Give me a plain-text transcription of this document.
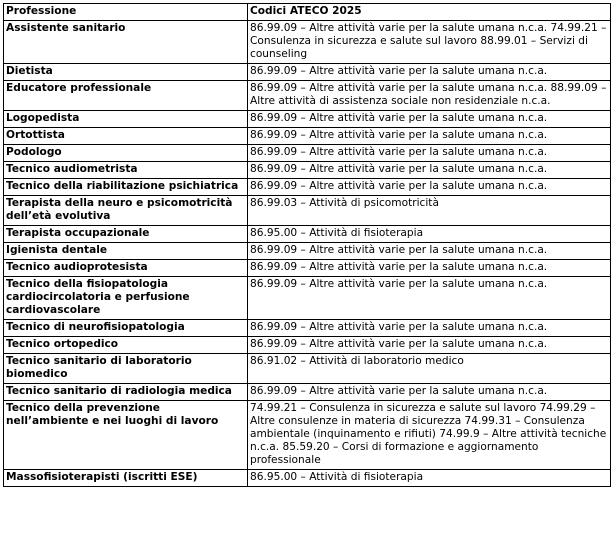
Professione	Codici ATECO 2025
Assistente sanitario	86.99.09 – Altre attività varie per la salute umana n.c.a. 74.99.21 – Consulenza in sicurezza e salute sul lavoro 88.99.01 – Servizi di counseling
Dietista	86.99.09 – Altre attività varie per la salute umana n.c.a.
Educatore professionale	86.99.09 – Altre attività varie per la salute umana n.c.a. 88.99.09 – Altre attività di assistenza sociale non residenziale n.c.a.
Logopedista	86.99.09 – Altre attività varie per la salute umana n.c.a.
Ortottista	86.99.09 – Altre attività varie per la salute umana n.c.a.
Podologo	86.99.09 – Altre attività varie per la salute umana n.c.a.
Tecnico audiometrista	86.99.09 – Altre attività varie per la salute umana n.c.a.
Tecnico della riabilitazione psichiatrica	86.99.09 – Altre attività varie per la salute umana n.c.a.
Terapista della neuro e psicomotricità dell’età evolutiva	86.99.03 – Attività di psicomotricità
Terapista occupazionale	86.95.00 – Attività di fisioterapia
Igienista dentale	86.99.09 – Altre attività varie per la salute umana n.c.a.
Tecnico audioprotesista	86.99.09 – Altre attività varie per la salute umana n.c.a.
Tecnico della fisiopatologia cardiocircolatoria e perfusione cardiovascolare	86.99.09 – Altre attività varie per la salute umana n.c.a.
Tecnico di neurofisiopatologia	86.99.09 – Altre attività varie per la salute umana n.c.a.
Tecnico ortopedico	86.99.09 – Altre attività varie per la salute umana n.c.a.
Tecnico sanitario di laboratorio biomedico	86.91.02 – Attività di laboratorio medico
Tecnico sanitario di radiologia medica	86.99.09 – Altre attività varie per la salute umana n.c.a.
Tecnico della prevenzione nell’ambiente e nei luoghi di lavoro	74.99.21 – Consulenza in sicurezza e salute sul lavoro 74.99.29 – Altre consulenze in materia di sicurezza 74.99.31 – Consulenza ambientale (inquinamento e rifiuti) 74.99.9 – Altre attività tecniche n.c.a. 85.59.20 – Corsi di formazione e aggiornamento professionale
Massofisioterapisti (iscritti ESE)	86.95.00 – Attività di fisioterapia
